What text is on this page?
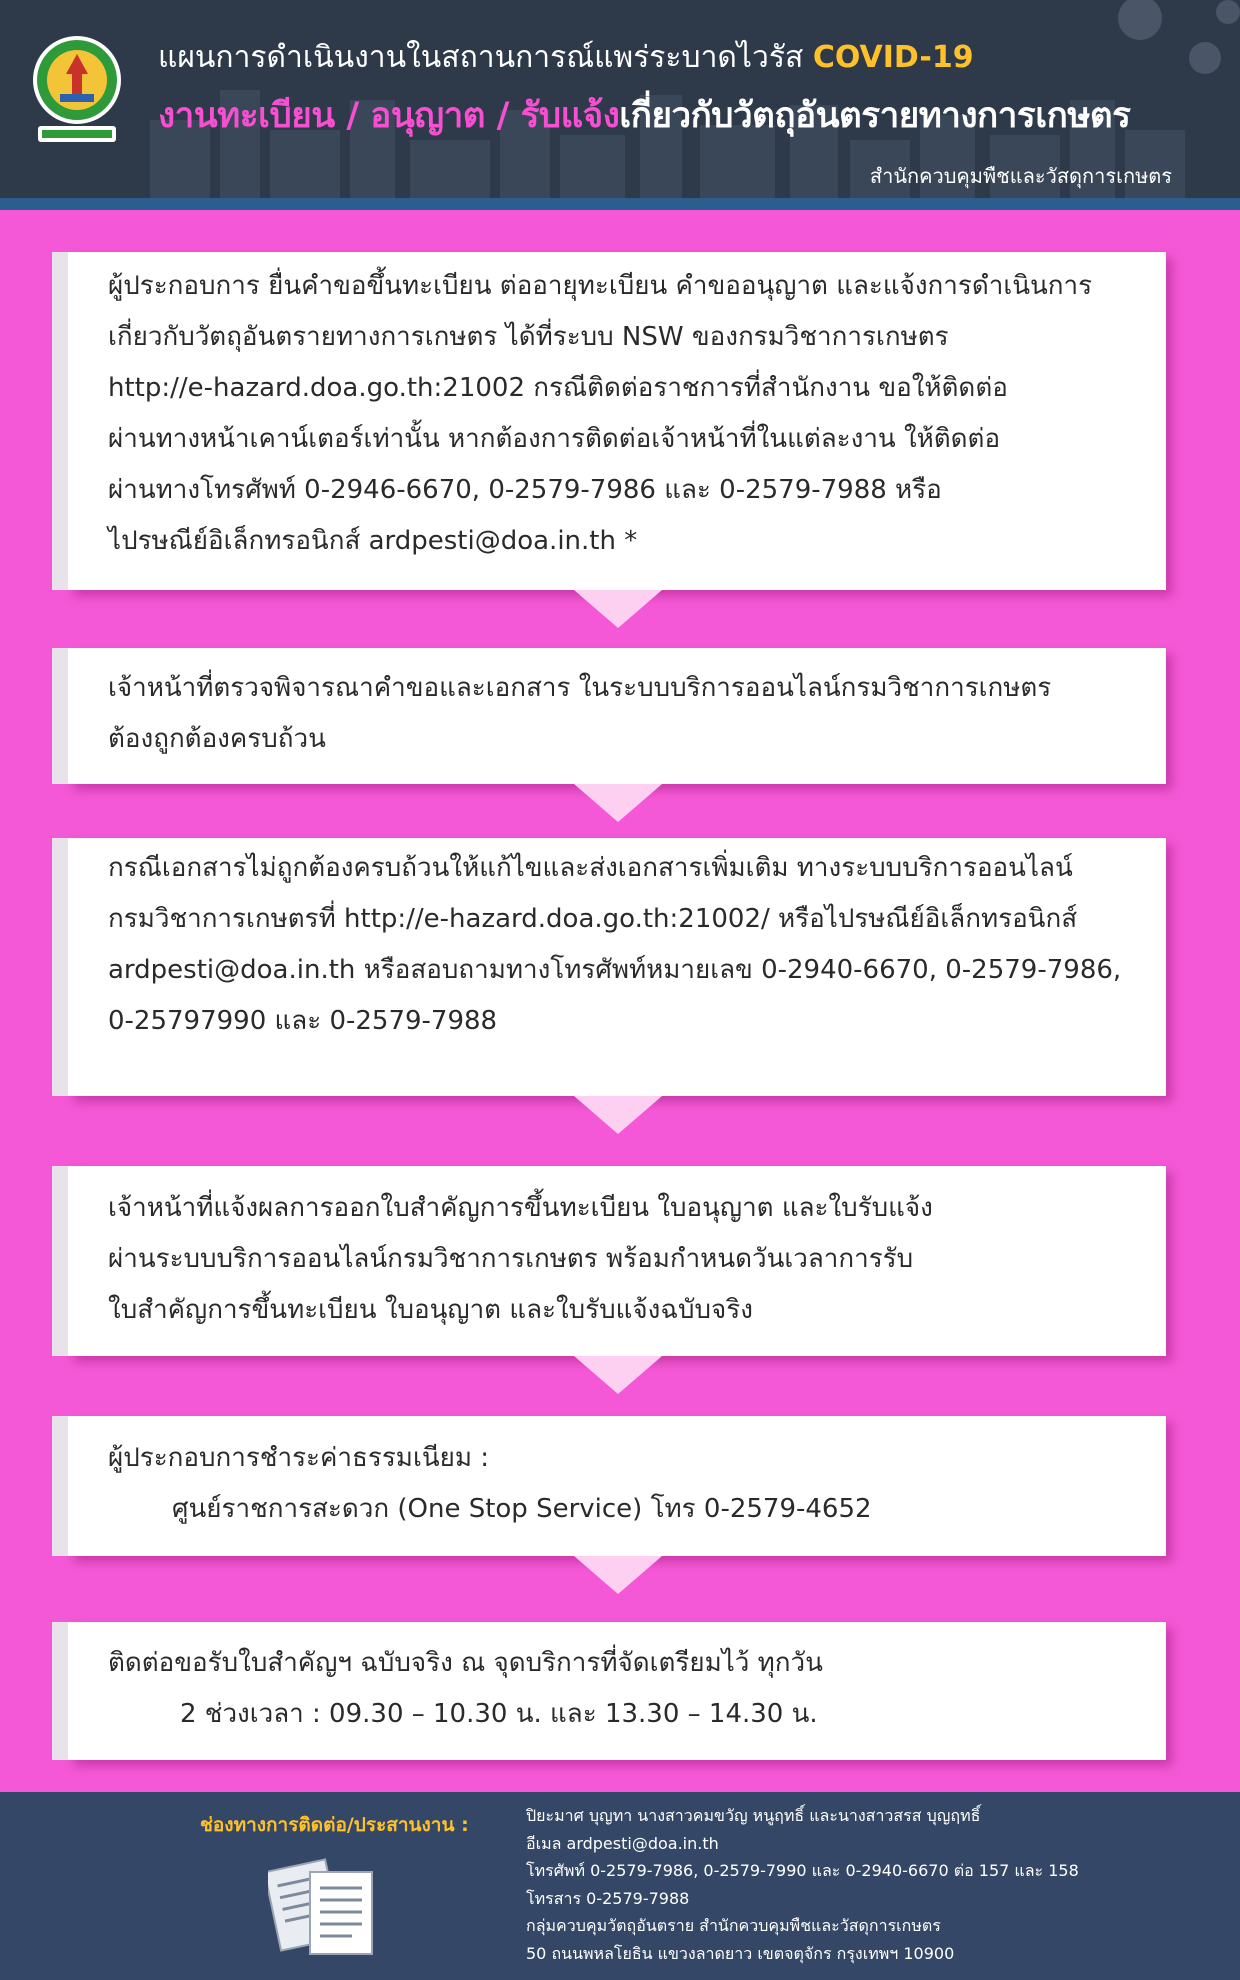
แผนการดำเนินงานในสถานการณ์แพร่ระบาดไวรัส COVID-19
งานทะเบียน / อนุญาต / รับแจ้งเกี่ยวกับวัตถุอันตรายทางการเกษตร
สำนักควบคุมพืชและวัสดุการเกษตร

ผู้ประกอบการ ยื่นคำขอขึ้นทะเบียน ต่ออายุทะเบียน คำขออนุญาต และแจ้งการดำเนินการ

เกี่ยวกับวัตถุอันตรายทางการเกษตร ได้ที่ระบบ NSW ของกรมวิชาการเกษตร

http://e-hazard.doa.go.th:21002 กรณีติดต่อราชการที่สำนักงาน ขอให้ติดต่อ

ผ่านทางหน้าเคาน์เตอร์เท่านั้น หากต้องการติดต่อเจ้าหน้าที่ในแต่ละงาน ให้ติดต่อ

ผ่านทางโทรศัพท์ 0-2946-6670, 0-2579-7986 และ 0-2579-7988 หรือ

ไปรษณีย์อิเล็กทรอนิกส์ ardpesti@doa.in.th *

เจ้าหน้าที่ตรวจพิจารณาคำขอและเอกสาร ในระบบบริการออนไลน์กรมวิชาการเกษตร

ต้องถูกต้องครบถ้วน

กรณีเอกสารไม่ถูกต้องครบถ้วนให้แก้ไขและส่งเอกสารเพิ่มเติม ทางระบบบริการออนไลน์

กรมวิชาการเกษตรที่ http://e-hazard.doa.go.th:21002/ หรือไปรษณีย์อิเล็กทรอนิกส์

ardpesti@doa.in.th หรือสอบถามทางโทรศัพท์หมายเลข 0-2940-6670, 0-2579-7986,

0-25797990 และ 0-2579-7988

เจ้าหน้าที่แจ้งผลการออกใบสำคัญการขึ้นทะเบียน ใบอนุญาต และใบรับแจ้ง

ผ่านระบบบริการออนไลน์กรมวิชาการเกษตร พร้อมกำหนดวันเวลาการรับ

ใบสำคัญการขึ้นทะเบียน ใบอนุญาต และใบรับแจ้งฉบับจริง

ผู้ประกอบการชำระค่าธรรมเนียม :

ศูนย์ราชการสะดวก (One Stop Service) โทร 0-2579-4652

ติดต่อขอรับใบสำคัญฯ ฉบับจริง ณ จุดบริการที่จัดเตรียมไว้ ทุกวัน

2 ช่วงเวลา : 09.30 – 10.30 น. และ 13.30 – 14.30 น.

ช่องทางการติดต่อ/ประสานงาน :	ปิยะมาศ บุญทา นางสาวคมขวัญ หนูฤทธิ์ และนางสาวสรส บุญฤทธิ์
อีเมล ardpesti@doa.in.th
โทรศัพท์ 0-2579-7986, 0-2579-7990 และ 0-2940-6670 ต่อ 157 และ 158
โทรสาร 0-2579-7988
กลุ่มควบคุมวัตถุอันตราย สำนักควบคุมพืชและวัสดุการเกษตร
50 ถนนพหลโยธิน แขวงลาดยาว เขตจตุจักร กรุงเทพฯ 10900
